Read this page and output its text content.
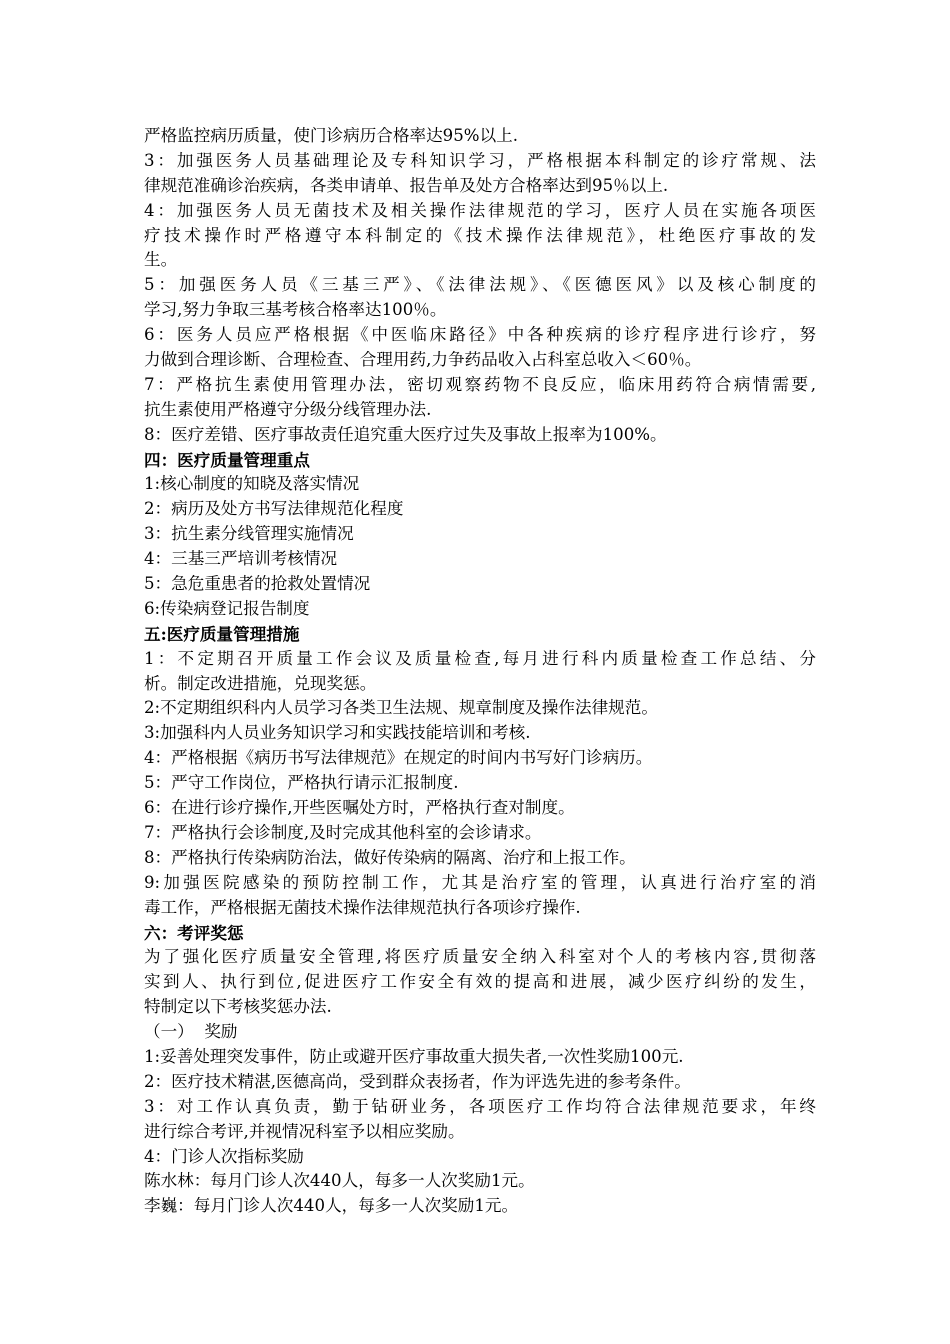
严格监控病历质量，使门诊病历合格率达95%以上.
3：加强医务人员基础理论及专科知识学习，严格根据本科制定的诊疗常规、法
律规范准确诊治疾病，各类申请单、报告单及处方合格率达到95％以上.
4：加强医务人员无菌技术及相关操作法律规范的学习，医疗人员在实施各项医
疗技术操作时严格遵守本科制定的《技术操作法律规范》，杜绝医疗事故的发
生。
5：加强医务人员《三基三严》、《法律法规》、《医德医风》以及核心制度的
学习,努力争取三基考核合格率达100％。
6：医务人员应严格根据《中医临床路径》中各种疾病的诊疗程序进行诊疗，努
力做到合理诊断、合理检查、合理用药,力争药品收入占科室总收入＜60％。
7：严格抗生素使用管理办法，密切观察药物不良反应，临床用药符合病情需要,
抗生素使用严格遵守分级分线管理办法.
8：医疗差错、医疗事故责任追究重大医疗过失及事故上报率为100%。
四：医疗质量管理重点
1:核心制度的知晓及落实情况
2：病历及处方书写法律规范化程度
3：抗生素分线管理实施情况
4：三基三严培训考核情况
5：急危重患者的抢救处置情况
6:传染病登记报告制度
五:医疗质量管理措施
1：不定期召开质量工作会议及质量检查,每月进行科内质量检查工作总结、分
析。制定改进措施，兑现奖惩。
2:不定期组织科内人员学习各类卫生法规、规章制度及操作法律规范。
3:加强科内人员业务知识学习和实践技能培训和考核.
4：严格根据《病历书写法律规范》在规定的时间内书写好门诊病历。
5：严守工作岗位，严格执行请示汇报制度.
6：在进行诊疗操作,开些医嘱处方时，严格执行查对制度。
7：严格执行会诊制度,及时完成其他科室的会诊请求。
8：严格执行传染病防治法，做好传染病的隔离、治疗和上报工作。
9:加强医院感染的预防控制工作，尤其是治疗室的管理，认真进行治疗室的消
毒工作，严格根据无菌技术操作法律规范执行各项诊疗操作.
六：考评奖惩
为了强化医疗质量安全管理,将医疗质量安全纳入科室对个人的考核内容,贯彻落
实到人、执行到位,促进医疗工作安全有效的提高和进展，减少医疗纠纷的发生，
特制定以下考核奖惩办法.
（一）  奖励
1:妥善处理突发事件，防止或避开医疗事故重大损失者,一次性奖励100元.
2：医疗技术精湛,医德高尚，受到群众表扬者，作为评选先进的参考条件。
3：对工作认真负责，勤于钻研业务，各项医疗工作均符合法律规范要求，年终
进行综合考评,并视情况科室予以相应奖励。
4：门诊人次指标奖励
陈水林：每月门诊人次440人，每多一人次奖励1元。
李巍：每月门诊人次440人，每多一人次奖励1元。
